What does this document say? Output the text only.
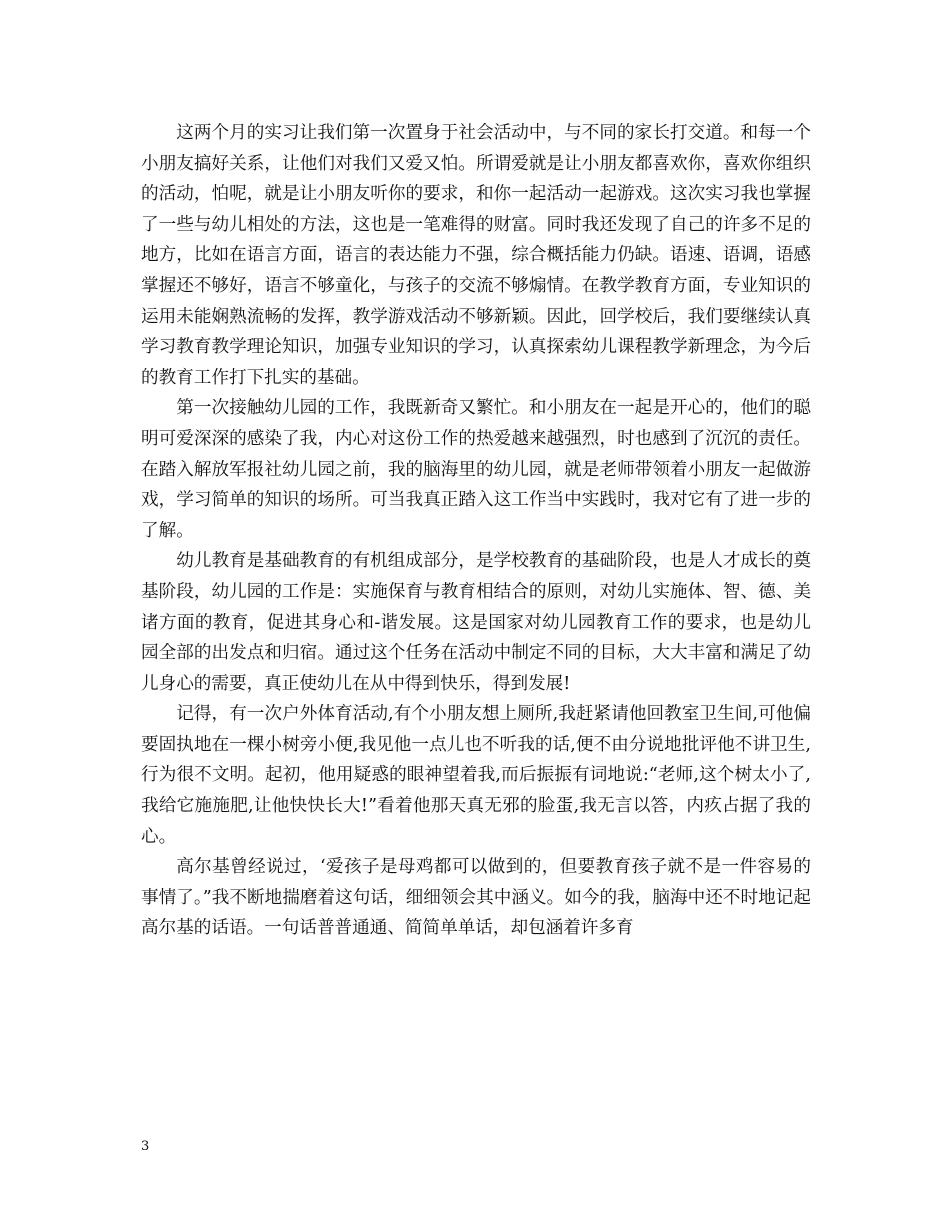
这两个月的实习让我们第一次置身于社会活动中，与不同的家长打交道。和每一个小朋友搞好关系，让他们对我们又爱又怕。所谓爱就是让小朋友都喜欢你，喜欢你组织的活动，怕呢，就是让小朋友听你的要求，和你一起活动一起游戏。这次实习我也掌握了一些与幼儿相处的方法，这也是一笔难得的财富。同时我还发现了自己的许多不足的地方，比如在语言方面，语言的表达能力不强，综合概括能力仍缺。语速、语调，语感掌握还不够好，语言不够童化，与孩子的交流不够煽情。在教学教育方面，专业知识的运用未能娴熟流畅的发挥，教学游戏活动不够新颖。因此，回学校后，我们要继续认真学习教育教学理论知识，加强专业知识的学习，认真探索幼儿课程教学新理念，为今后的教育工作打下扎实的基础。

第一次接触幼儿园的工作，我既新奇又繁忙。和小朋友在一起是开心的，他们的聪明可爱深深的感染了我，内心对这份工作的热爱越来越强烈，时也感到了沉沉的责任。在踏入解放军报社幼儿园之前，我的脑海里的幼儿园，就是老师带领着小朋友一起做游戏，学习简单的知识的场所。可当我真正踏入这工作当中实践时，我对它有了进一步的了解。

幼儿教育是基础教育的有机组成部分，是学校教育的基础阶段，也是人才成长的奠基阶段，幼儿园的工作是：实施保育与教育相结合的原则，对幼儿实施体、智、德、美诸方面的教育，促进其身心和-谐发展。这是国家对幼儿园教育工作的要求，也是幼儿园全部的出发点和归宿。通过这个任务在活动中制定不同的目标，大大丰富和满足了幼儿身心的需要，真正使幼儿在从中得到快乐，得到发展!

记得，有一次户外体育活动,有个小朋友想上厕所,我赶紧请他回教室卫生间,可他偏要固执地在一棵小树旁小便,我见他一点儿也不听我的话,便不由分说地批评他不讲卫生,行为很不文明。起初，他用疑惑的眼神望着我,而后振振有词地说:“老师,这个树太小了,我给它施施肥,让他快快长大!”看着他那天真无邪的脸蛋,我无言以答，内疚占据了我的心。

高尔基曾经说过，‘爱孩子是母鸡都可以做到的，但要教育孩子就不是一件容易的事情了。”我不断地揣磨着这句话，细细领会其中涵义。如今的我，脑海中还不时地记起高尔基的话语。一句话普普通通、简简单单话，却包涵着许多育

3
